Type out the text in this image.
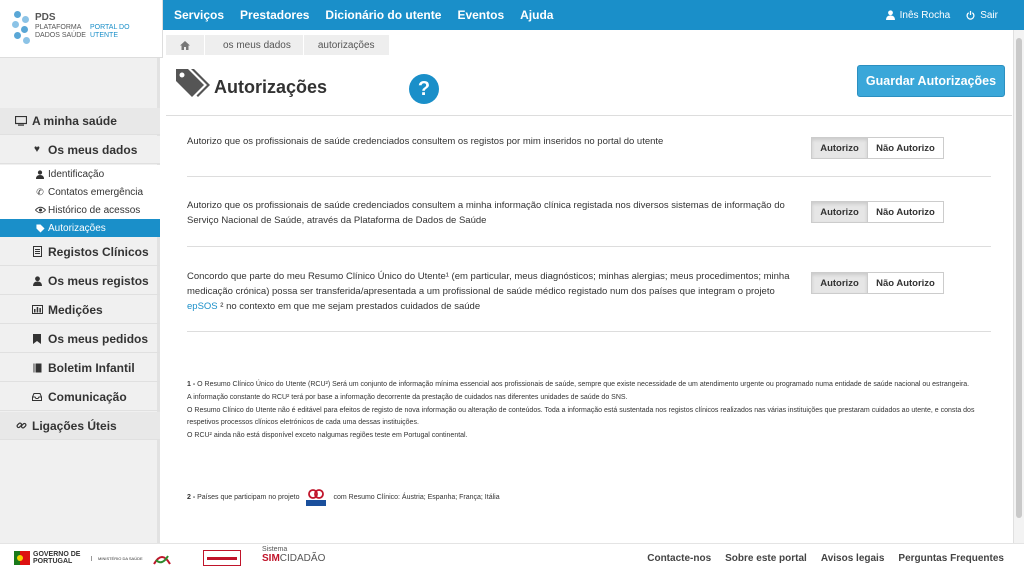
Serviços Prestadores Dicionário do utente Eventos Ajuda	Inês Rocha	Sair
PDS
PLATAFORMA DADOS SAÚDE
PORTAL DO UTENTE
A minha saúde
♥ Os meus dados
Identificação
✆ Contatos emergência
Histórico de acessos
Autorizações
Registos Clínicos
Os meus registos
Medições
Os meus pedidos
Boletim Infantil
Comunicação
Ligações Úteis
os meus dados	autorizações
Autorizações	?	Guardar Autorizações
Autorizo que os profissionais de saúde credenciados consultem os registos por mim inseridos no portal do utente
Autorizo	Não Autorizo
Autorizo que os profissionais de saúde credenciados consultem a minha informação clínica registada nos diversos sistemas de informação do Serviço Nacional de Saúde, através da Plataforma de Dados de Saúde
Autorizo	Não Autorizo
Concordo que parte do meu Resumo Clínico Único do Utente¹ (em particular, meus diagnósticos; minhas alergias; meus procedimentos; minha medicação crónica) possa ser transferida/apresentada a um profissional de saúde médico registado num dos países que integram o projeto epSOS ² no contexto em que me sejam prestados cuidados de saúde
Autorizo	Não Autorizo
1 - O Resumo Clínico Único do Utente (RCU²) Será um conjunto de informação mínima essencial aos profissionais de saúde, sempre que existe necessidade de um atendimento urgente ou programado numa entidade de saúde nacional ou estrangeira.
A informação constante do RCU² terá por base a informação decorrente da prestação de cuidados nas diferentes unidades de saúde do SNS.
O Resumo Clínico do Utente não é editável para efeitos de registo de nova informação ou alteração de conteúdos. Toda a informação está sustentada nos registos clínicos realizados nas várias instituições que prestaram cuidados ao utente, e consta dos respetivos processos clínicos eletrónicos de cada uma dessas instituições.
O RCU² ainda não está disponível exceto nalgumas regiões teste em Portugal continental.
2 -
Países que participam no projeto	com Resumo Clínico: Áustria; Espanha; França; Itália
GOVERNO DE PORTUGAL	MINISTÉRIO DA SAÚDE
Sistema
SIMCIDADÃO	Contacte-nos Sobre este portal Avisos legais Perguntas Frequentes
